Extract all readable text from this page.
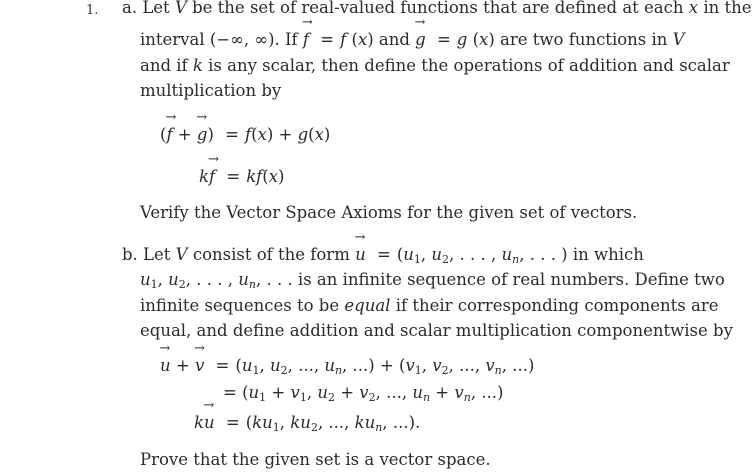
1. a. Let V be the set of real-valued functions that are defined at each x in the
interval (−∞, ∞). If → f = f (x) and → g = g (x) are two functions in V
and if k is any scalar, then define the operations of addition and scalar
multiplication by
(→ f + → g) = f(x) + g(x)
k→ f = kf(x)
Verify the Vector Space Axioms for the given set of vectors.
b. Let V consist of the form → $u = (u_1$, $u_2$, . . . , un, . . . ) in which
$u_1$, $u_2$, . . . , un, . . . is an infinite sequence of real numbers. Define two
infinite sequences to be equal if their corresponding components are
equal, and define addition and scalar multiplication componentwise by
→ u + → $v = (u_1$, $u_2$, ..., un, ...) + ($v_1$, $v_2$, ..., vn, ...)
= ($u_1 + v_1$, $u_2 + v_2$, ..., un + vn, ...)
$k\to u = (ku_1$, $ku_2$, ..., kun, ...).
Prove that the given set is a vector space.
